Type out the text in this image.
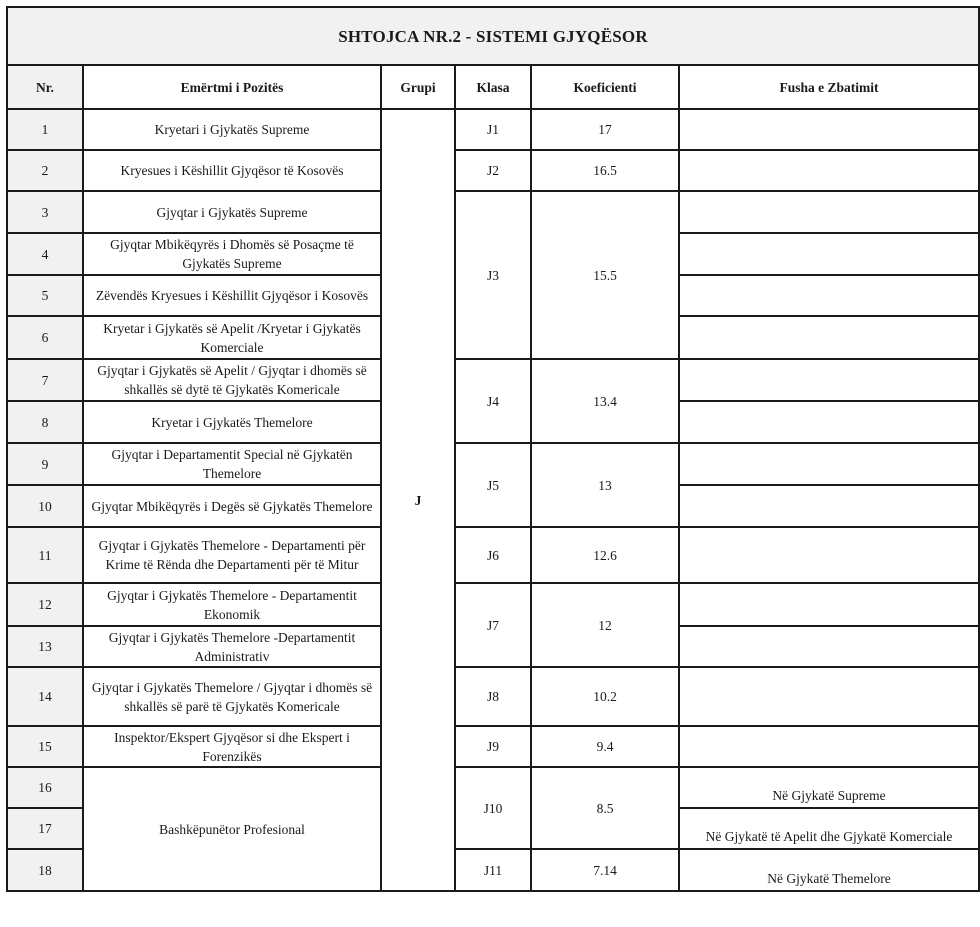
SHTOJCA NR.2 - SISTEMI GJYQËSOR					
Nr.	Emërtmi i Pozitës	Grupi	Klasa	Koeficienti	Fusha e Zbatimit
1	Kryetari i Gjykatës Supreme	J	J1	17	
2	Kryesues i Këshillit Gjyqësor të Kosovës		J2	16.5	
3	Gjyqtar i Gjykatës Supreme		J3	15.5	
4	Gjyqtar Mbikëqyrës i Dhomës së Posaçme të Gjykatës Supreme				
5	Zëvendës Kryesues i Këshillit Gjyqësor i Kosovës				
6	Kryetar i Gjykatës së Apelit /Kryetar i Gjykatës Komerciale				
7	Gjyqtar i Gjykatës së Apelit / Gjyqtar i dhomës së shkallës së dytë të Gjykatës Komericale		J4	13.4	
8	Kryetar i Gjykatës Themelore				
9	Gjyqtar i Departamentit Special në Gjykatën Themelore		J5	13	
10	Gjyqtar Mbikëqyrës i Degës së Gjykatës Themelore				
11	Gjyqtar i Gjykatës Themelore - Departamenti për Krime të Rënda dhe Departamenti për të Mitur		J6	12.6	
12	Gjyqtar i Gjykatës Themelore - Departamentit Ekonomik		J7	12	
13	Gjyqtar i Gjykatës Themelore -Departamentit Administrativ				
14	Gjyqtar i Gjykatës Themelore / Gjyqtar i dhomës së shkallës së parë të Gjykatës Komericale		J8	10.2	
15	Inspektor/Ekspert Gjyqësor si dhe Ekspert i Forenzikës		J9	9.4	
16	Bashkëpunëtor Profesional		J10	8.5	Në Gjykatë Supreme
17					Në Gjykatë të Apelit dhe Gjykatë Komerciale
18			J11	7.14	Në Gjykatë Themelore
